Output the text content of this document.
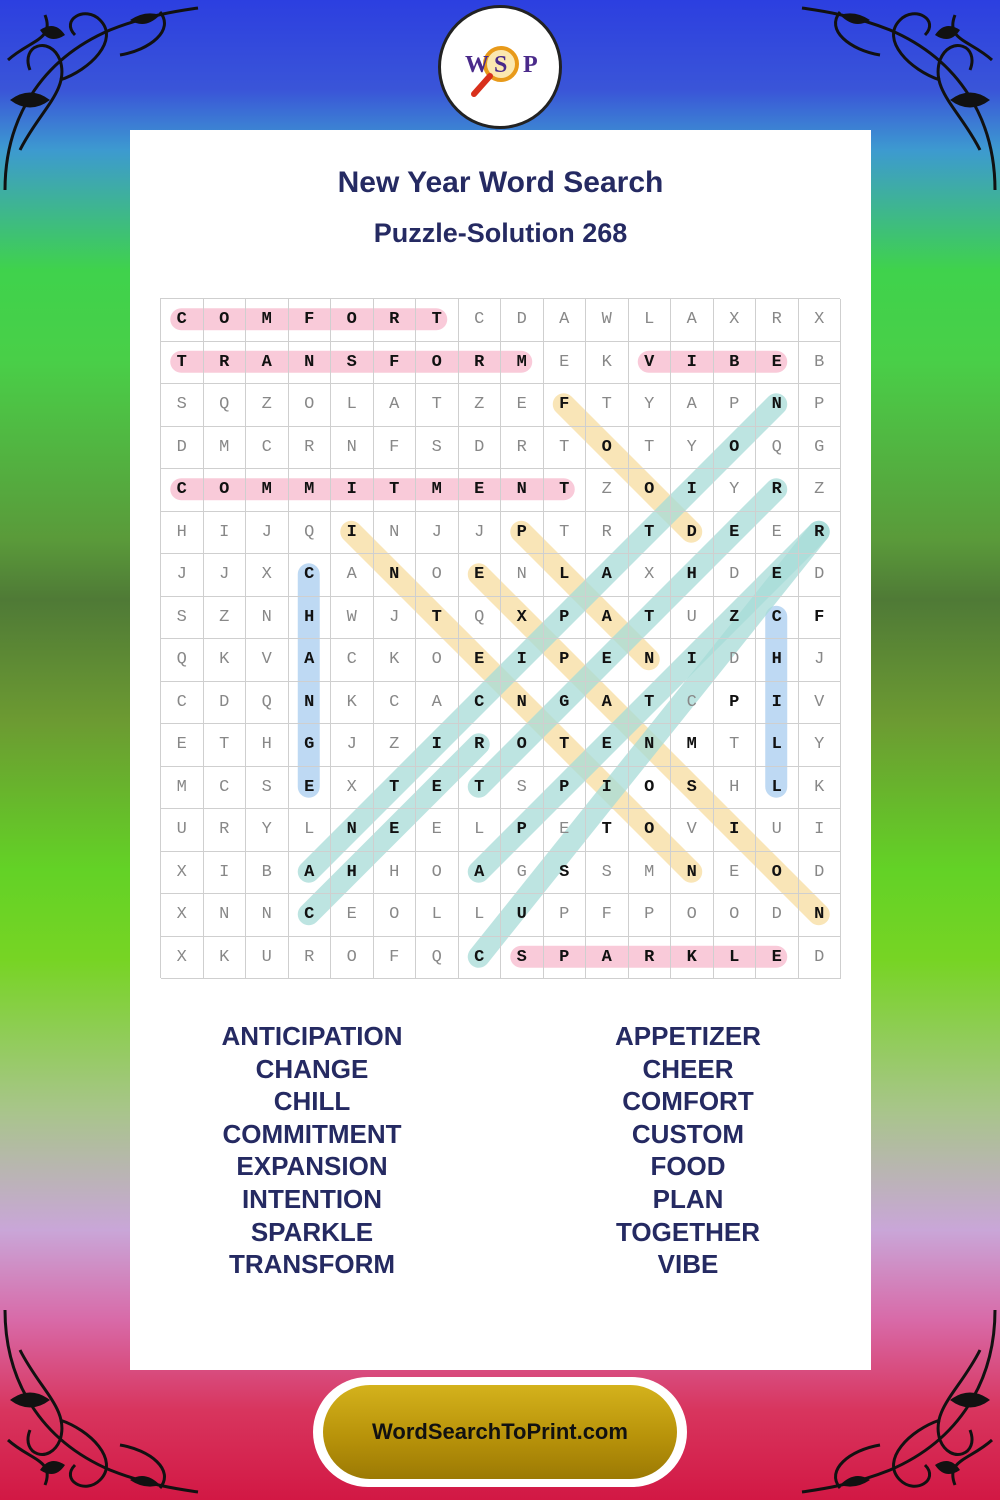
W S P
New Year Word Search
Puzzle-Solution 268
C	O	M	F	O	R	T	C	D	A	W	L	A	X	R	X
T	R	A	N	S	F	O	R	M	E	K	V	I	B	E	B
S	Q	Z	O	L	A	T	Z	E	F	T	Y	A	P	N	P
D	M	C	R	N	F	S	D	R	T	O	T	Y	O	Q	G
C	O	M	M	I	T	M	E	N	T	Z	O	I	Y	R	Z
H	I	J	Q	I	N	J	J	P	T	R	T	D	E	E	R
J	J	X	C	A	N	O	E	N	L	A	X	H	D	E	D
S	Z	N	H	W	J	T	Q	X	P	A	T	U	Z	C	F
Q	K	V	A	C	K	O	E	I	P	E	N	I	D	H	J
C	D	Q	N	K	C	A	C	N	G	A	T	C	P	I	V
E	T	H	G	J	Z	I	R	O	T	E	N	M	T	L	Y
M	C	S	E	X	T	E	T	S	P	I	O	S	H	L	K
U	R	Y	L	N	E	E	L	P	E	T	O	V	I	U	I
X	I	B	A	H	H	O	A	G	S	S	M	N	E	O	D
X	N	N	C	E	O	L	L	U	P	F	P	O	O	D	N
X	K	U	R	O	F	Q	C	S	P	A	R	K	L	E	D
ANTICIPATION
CHANGE
CHILL
COMMITMENT
EXPANSION
INTENTION
SPARKLE
TRANSFORM
APPETIZER
CHEER
COMFORT
CUSTOM
FOOD
PLAN
TOGETHER
VIBE
WordSearchToPrint.com
